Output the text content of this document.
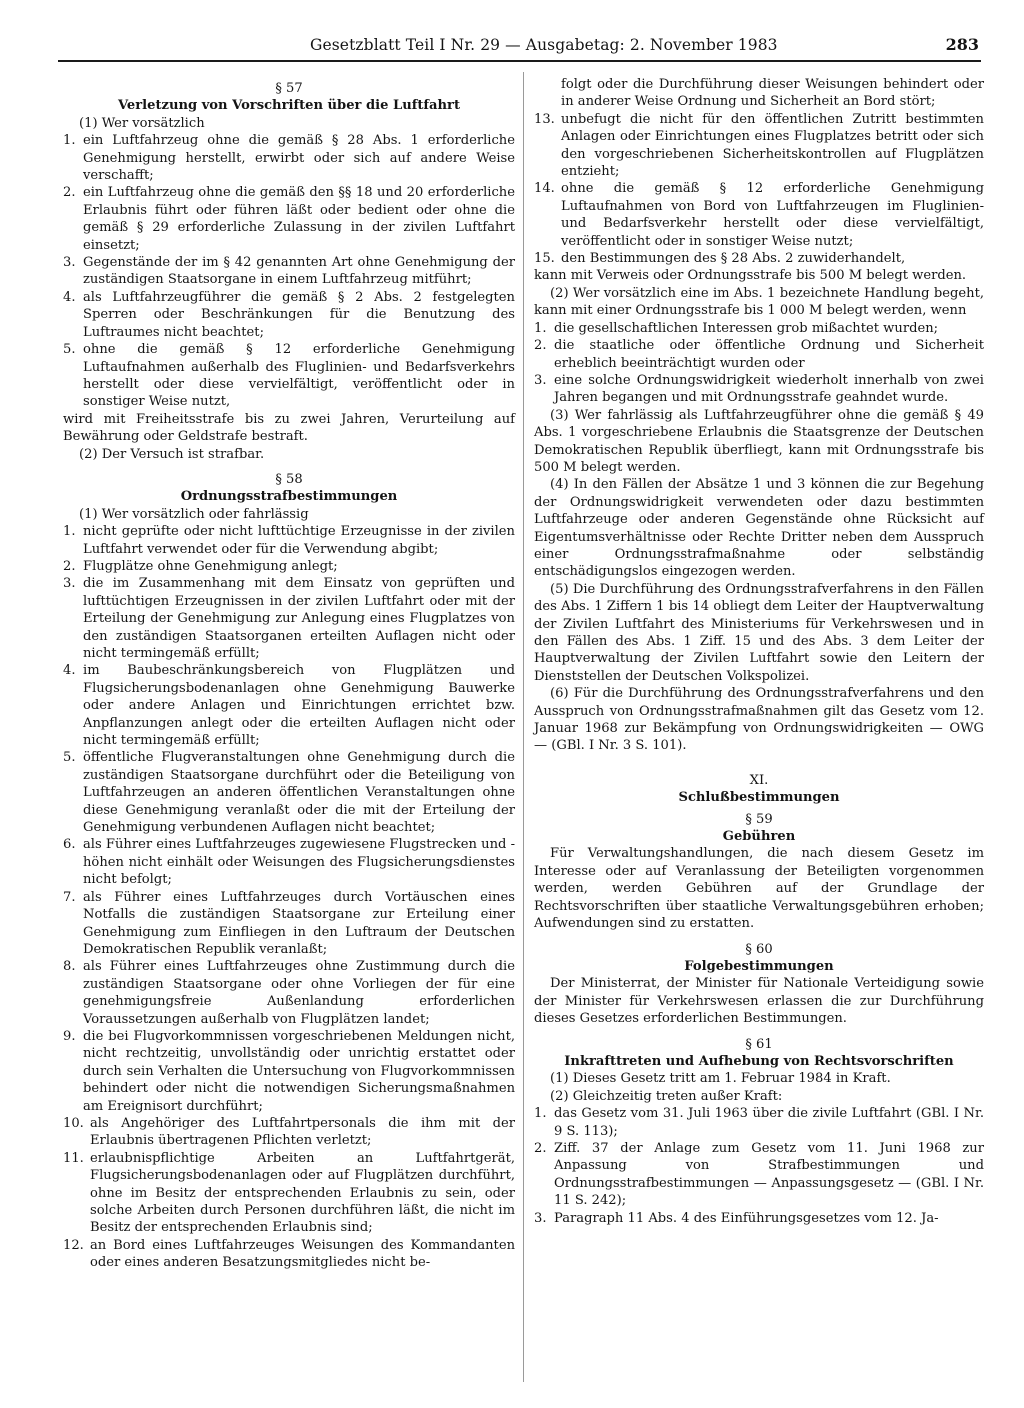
Gesetzblatt Teil I Nr. 29 — Ausgabetag: 2. November 1983	283
§ 57
Verletzung von Vorschriften über die Luftfahrt

(1) Wer vorsätzlich

1. ein Luftfahrzeug ohne die gemäß § 28 Abs. 1 erforderliche Genehmigung herstellt, erwirbt oder sich auf andere Weise verschafft;
2. ein Luftfahrzeug ohne die gemäß den §§ 18 und 20 erforderliche Erlaubnis führt oder führen läßt oder bedient oder ohne die gemäß § 29 erforderliche Zulassung in der zivilen Luftfahrt einsetzt;
3. Gegenstände der im § 42 genannten Art ohne Genehmigung der zuständigen Staatsorgane in einem Luftfahrzeug mitführt;
4. als Luftfahrzeugführer die gemäß § 2 Abs. 2 festgelegten Sperren oder Beschränkungen für die Benutzung des Luftraumes nicht beachtet;
5. ohne die gemäß § 12 erforderliche Genehmigung Luftaufnahmen außerhalb des Fluglinien- und Bedarfsverkehrs herstellt oder diese vervielfältigt, veröffentlicht oder in sonstiger Weise nutzt,

wird mit Freiheitsstrafe bis zu zwei Jahren, Verurteilung auf Bewährung oder Geldstrafe bestraft.

(2) Der Versuch ist strafbar.

§ 58
Ordnungsstrafbestimmungen

(1) Wer vorsätzlich oder fahrlässig

1. nicht geprüfte oder nicht lufttüchtige Erzeugnisse in der zivilen Luftfahrt verwendet oder für die Verwendung abgibt;
2. Flugplätze ohne Genehmigung anlegt;
3. die im Zusammenhang mit dem Einsatz von geprüften und lufttüchtigen Erzeugnissen in der zivilen Luftfahrt oder mit der Erteilung der Genehmigung zur Anlegung eines Flugplatzes von den zuständigen Staatsorganen erteilten Auflagen nicht oder nicht termingemäß erfüllt;
4. im Baubeschränkungsbereich von Flugplätzen und Flugsicherungsbodenanlagen ohne Genehmigung Bauwerke oder andere Anlagen und Einrichtungen errichtet bzw. Anpflanzungen anlegt oder die erteilten Auflagen nicht oder nicht termingemäß erfüllt;
5. öffentliche Flugveranstaltungen ohne Genehmigung durch die zuständigen Staatsorgane durchführt oder die Beteiligung von Luftfahrzeugen an anderen öffentlichen Veranstaltungen ohne diese Genehmigung veranlaßt oder die mit der Erteilung der Genehmigung verbundenen Auflagen nicht beachtet;
6. als Führer eines Luftfahrzeuges zugewiesene Flugstrecken und -höhen nicht einhält oder Weisungen des Flugsicherungsdienstes nicht befolgt;
7. als Führer eines Luftfahrzeuges durch Vortäuschen eines Notfalls die zuständigen Staatsorgane zur Erteilung einer Genehmigung zum Einfliegen in den Luftraum der Deutschen Demokratischen Republik veranlaßt;
8. als Führer eines Luftfahrzeuges ohne Zustimmung durch die zuständigen Staatsorgane oder ohne Vorliegen der für eine genehmigungsfreie Außenlandung erforderlichen Voraussetzungen außerhalb von Flugplätzen landet;
9. die bei Flugvorkommnissen vorgeschriebenen Meldungen nicht, nicht rechtzeitig, unvollständig oder unrichtig erstattet oder durch sein Verhalten die Untersuchung von Flugvorkommnissen behindert oder nicht die notwendigen Sicherungsmaßnahmen am Ereignisort durchführt;
10. als Angehöriger des Luftfahrtpersonals die ihm mit der Erlaubnis übertragenen Pflichten verletzt;
11. erlaubnispflichtige Arbeiten an Luftfahrtgerät, Flugsicherungsbodenanlagen oder auf Flugplätzen durchführt, ohne im Besitz der entsprechenden Erlaubnis zu sein, oder solche Arbeiten durch Personen durchführen läßt, die nicht im Besitz der entsprechenden Erlaubnis sind;
12. an Bord eines Luftfahrzeuges Weisungen des Kommandanten oder eines anderen Besatzungsmitgliedes nicht be-
folgt oder die Durchführung dieser Weisungen behindert oder in anderer Weise Ordnung und Sicherheit an Bord stört;
13. unbefugt die nicht für den öffentlichen Zutritt bestimmten Anlagen oder Einrichtungen eines Flugplatzes betritt oder sich den vorgeschriebenen Sicherheitskontrollen auf Flugplätzen entzieht;
14. ohne die gemäß § 12 erforderliche Genehmigung Luftaufnahmen von Bord von Luftfahrzeugen im Fluglinien- und Bedarfsverkehr herstellt oder diese vervielfältigt, veröffentlicht oder in sonstiger Weise nutzt;
15. den Bestimmungen des § 28 Abs. 2 zuwiderhandelt,

kann mit Verweis oder Ordnungsstrafe bis 500 M belegt werden.

(2) Wer vorsätzlich eine im Abs. 1 bezeichnete Handlung begeht, kann mit einer Ordnungsstrafe bis 1 000 M belegt werden, wenn

1. die gesellschaftlichen Interessen grob mißachtet wurden;
2. die staatliche oder öffentliche Ordnung und Sicherheit erheblich beeinträchtigt wurden oder
3. eine solche Ordnungswidrigkeit wiederholt innerhalb von zwei Jahren begangen und mit Ordnungsstrafe geahndet wurde.

(3) Wer fahrlässig als Luftfahrzeugführer ohne die gemäß § 49 Abs. 1 vorgeschriebene Erlaubnis die Staatsgrenze der Deutschen Demokratischen Republik überfliegt, kann mit Ordnungsstrafe bis 500 M belegt werden.

(4) In den Fällen der Absätze 1 und 3 können die zur Begehung der Ordnungswidrigkeit verwendeten oder dazu bestimmten Luftfahrzeuge oder anderen Gegenstände ohne Rücksicht auf Eigentumsverhältnisse oder Rechte Dritter neben dem Ausspruch einer Ordnungsstrafmaßnahme oder selbständig entschädigungslos eingezogen werden.

(5) Die Durchführung des Ordnungsstrafverfahrens in den Fällen des Abs. 1 Ziffern 1 bis 14 obliegt dem Leiter der Hauptverwaltung der Zivilen Luftfahrt des Ministeriums für Verkehrswesen und in den Fällen des Abs. 1 Ziff. 15 und des Abs. 3 dem Leiter der Hauptverwaltung der Zivilen Luftfahrt sowie den Leitern der Dienststellen der Deutschen Volkspolizei.

(6) Für die Durchführung des Ordnungsstrafverfahrens und den Ausspruch von Ordnungsstrafmaßnahmen gilt das Gesetz vom 12. Januar 1968 zur Bekämpfung von Ordnungswidrigkeiten — OWG — (GBl. I Nr. 3 S. 101).

XI.
Schlußbestimmungen
§ 59
Gebühren

Für Verwaltungshandlungen, die nach diesem Gesetz im Interesse oder auf Veranlassung der Beteiligten vorgenommen werden, werden Gebühren auf der Grundlage der Rechtsvorschriften über staatliche Verwaltungsgebühren erhoben; Aufwendungen sind zu erstatten.

§ 60
Folgebestimmungen

Der Ministerrat, der Minister für Nationale Verteidigung sowie der Minister für Verkehrswesen erlassen die zur Durchführung dieses Gesetzes erforderlichen Bestimmungen.

§ 61
Inkrafttreten und Aufhebung von Rechtsvorschriften

(1) Dieses Gesetz tritt am 1. Februar 1984 in Kraft.

(2) Gleichzeitig treten außer Kraft:

1. das Gesetz vom 31. Juli 1963 über die zivile Luftfahrt (GBl. I Nr. 9 S. 113);
2. Ziff. 37 der Anlage zum Gesetz vom 11. Juni 1968 zur Anpassung von Strafbestimmungen und Ordnungsstrafbestimmungen — Anpassungsgesetz — (GBl. I Nr. 11 S. 242);
3. Paragraph 11 Abs. 4 des Einführungsgesetzes vom 12. Ja-
